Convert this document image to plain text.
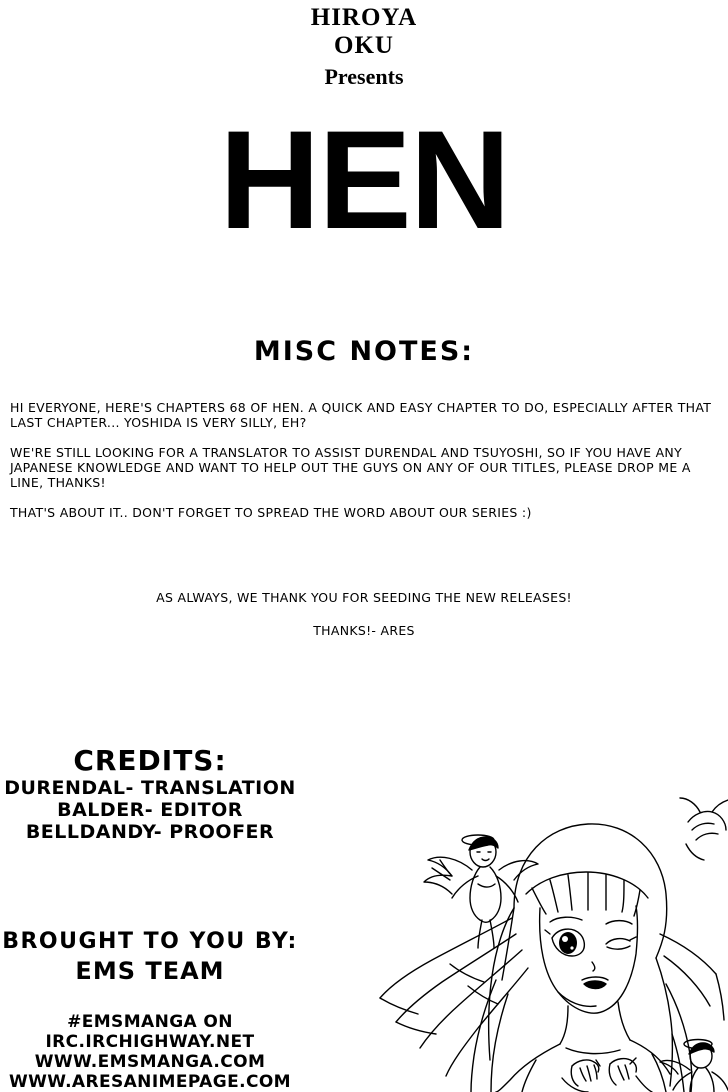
HIROYA
OKU
Presents
HEN
MISC NOTES:

HI EVERYONE, HERE'S CHAPTERS 68 OF HEN. A QUICK AND EASY CHAPTER TO DO, ESPECIALLY AFTER THAT LAST CHAPTER... YOSHIDA IS VERY SILLY, EH?

WE'RE STILL LOOKING FOR A TRANSLATOR TO ASSIST DURENDAL AND TSUYOSHI, SO IF YOU HAVE ANY JAPANESE KNOWLEDGE AND WANT TO HELP OUT THE GUYS ON ANY OF OUR TITLES, PLEASE DROP ME A LINE, THANKS!

THAT'S ABOUT IT.. DON'T FORGET TO SPREAD THE WORD ABOUT OUR SERIES :)

AS ALWAYS, WE THANK YOU FOR SEEDING THE NEW RELEASES!
THANKS!- ARES
CREDITS:
DURENDAL- TRANSLATION
BALDER- EDITOR
BELLDANDY- PROOFER
BROUGHT TO YOU BY:
EMS TEAM
#EMSMANGA ON
IRC.IRCHIGHWAY.NET
WWW.EMSMANGA.COM
WWW.ARESANIMEPAGE.COM
